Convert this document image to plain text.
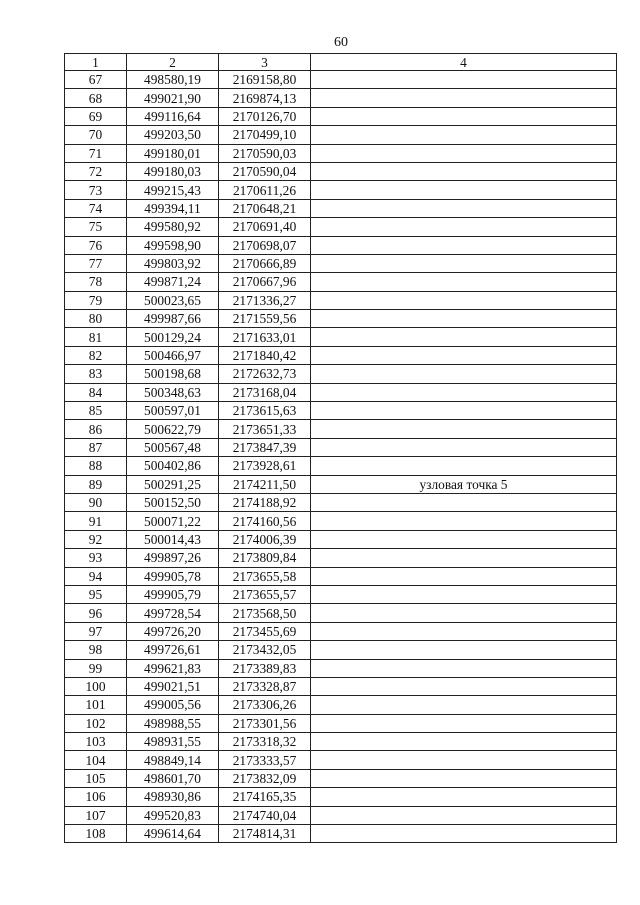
60
1	2	3	4
67	498580,19	2169158,80	
68	499021,90	2169874,13	
69	499116,64	2170126,70	
70	499203,50	2170499,10	
71	499180,01	2170590,03	
72	499180,03	2170590,04	
73	499215,43	2170611,26	
74	499394,11	2170648,21	
75	499580,92	2170691,40	
76	499598,90	2170698,07	
77	499803,92	2170666,89	
78	499871,24	2170667,96	
79	500023,65	2171336,27	
80	499987,66	2171559,56	
81	500129,24	2171633,01	
82	500466,97	2171840,42	
83	500198,68	2172632,73	
84	500348,63	2173168,04	
85	500597,01	2173615,63	
86	500622,79	2173651,33	
87	500567,48	2173847,39	
88	500402,86	2173928,61	
89	500291,25	2174211,50	узловая точка 5
90	500152,50	2174188,92	
91	500071,22	2174160,56	
92	500014,43	2174006,39	
93	499897,26	2173809,84	
94	499905,78	2173655,58	
95	499905,79	2173655,57	
96	499728,54	2173568,50	
97	499726,20	2173455,69	
98	499726,61	2173432,05	
99	499621,83	2173389,83	
100	499021,51	2173328,87	
101	499005,56	2173306,26	
102	498988,55	2173301,56	
103	498931,55	2173318,32	
104	498849,14	2173333,57	
105	498601,70	2173832,09	
106	498930,86	2174165,35	
107	499520,83	2174740,04	
108	499614,64	2174814,31	
